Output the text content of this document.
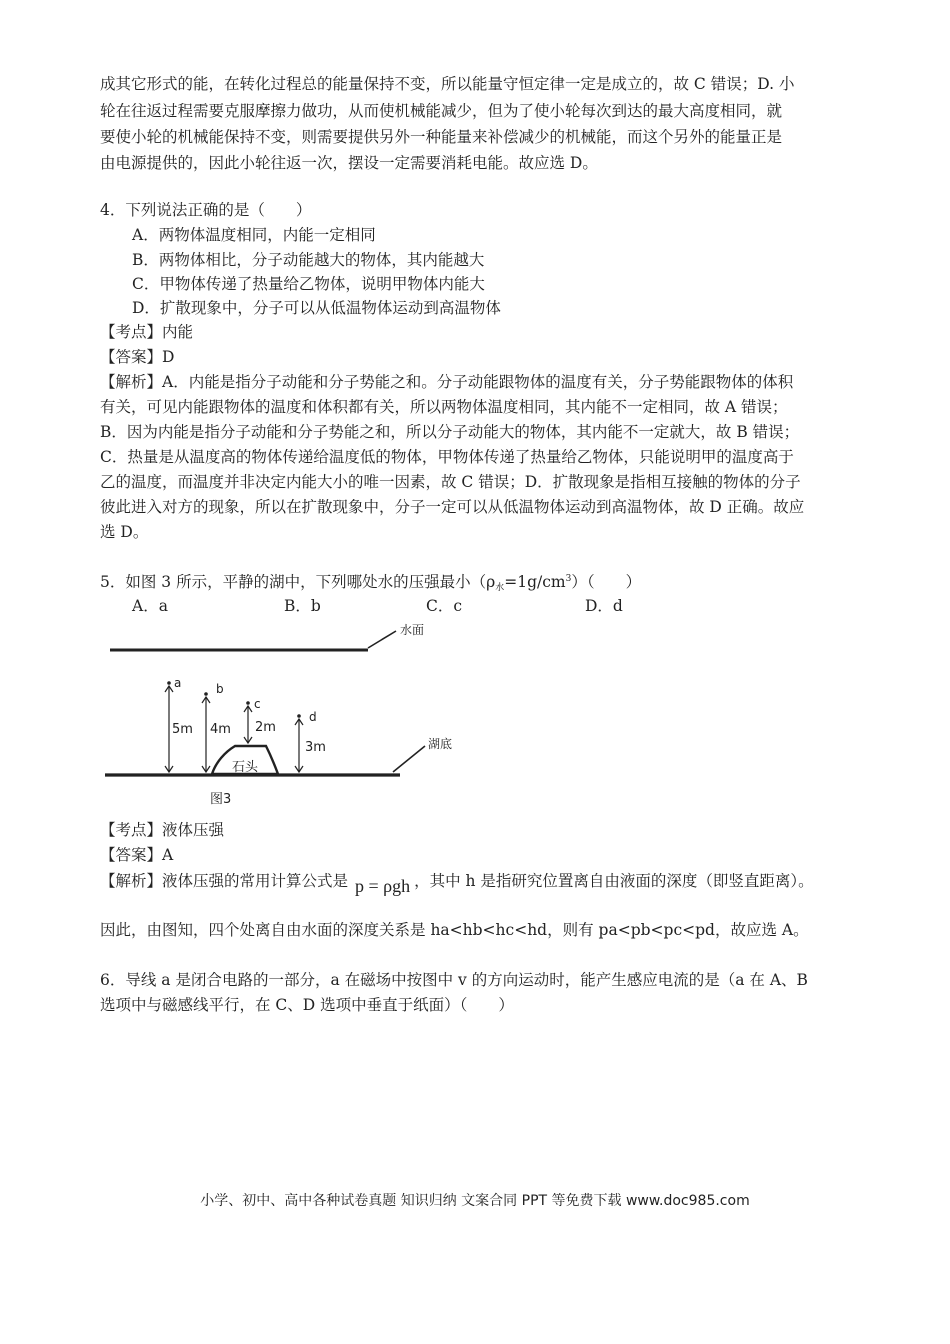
成其它形式的能，在转化过程总的能量保持不变，所以能量守恒定律一定是成立的，故 C 错误；D. 小
轮在往返过程需要克服摩擦力做功，从而使机械能减少，但为了使小轮每次到达的最大高度相同，就
要使小轮的机械能保持不变，则需要提供另外一种能量来补偿减少的机械能，而这个另外的能量正是
由电源提供的，因此小轮往返一次，摆设一定需要消耗电能。故应选 D。
4．下列说法正确的是（　　）
A．两物体温度相同，内能一定相同
B．两物体相比，分子动能越大的物体，其内能越大
C．甲物体传递了热量给乙物体，说明甲物体内能大
D．扩散现象中，分子可以从低温物体运动到高温物体
【考点】内能
【答案】D
【解析】A．内能是指分子动能和分子势能之和。分子动能跟物体的温度有关，分子势能跟物体的体积
有关，可见内能跟物体的温度和体积都有关，所以两物体温度相同，其内能不一定相同，故 A 错误；
B．因为内能是指分子动能和分子势能之和，所以分子动能大的物体，其内能不一定就大，故 B 错误；
C．热量是从温度高的物体传递给温度低的物体，甲物体传递了热量给乙物体，只能说明甲的温度高于
乙的温度，而温度并非决定内能大小的唯一因素，故 C 错误；D．扩散现象是指相互接触的物体的分子
彼此进入对方的现象，所以在扩散现象中，分子一定可以从低温物体运动到高温物体，故 D 正确。故应
选 D。
5．如图 3 所示，平静的湖中，下列哪处水的压强最小$(\rho_水=1g/cm^3)$（　　）
A．a	B．b	C．c	D．d
水面
湖底
石头
a
5m
b
4m
c
2m
d
3m
图3
【考点】液体压强
【答案】A
【解析】液体压强的常用计算公式是 p = ρgh ，其中 h 是指研究位置离自由液面的深度（即竖直距离）。
因此，由图知，四个处离自由水面的深度关系是 ha<hb<hc<hd，则有 pa<pb<pc<pd，故应选 A。
6．导线 a 是闭合电路的一部分，a 在磁场中按图中 v 的方向运动时，能产生感应电流的是（a 在 A、B
选项中与磁感线平行，在 C、D 选项中垂直于纸面）（　　）
小学、初中、高中各种试卷真题 知识归纳 文案合同 PPT 等免费下载 www.doc985.com
